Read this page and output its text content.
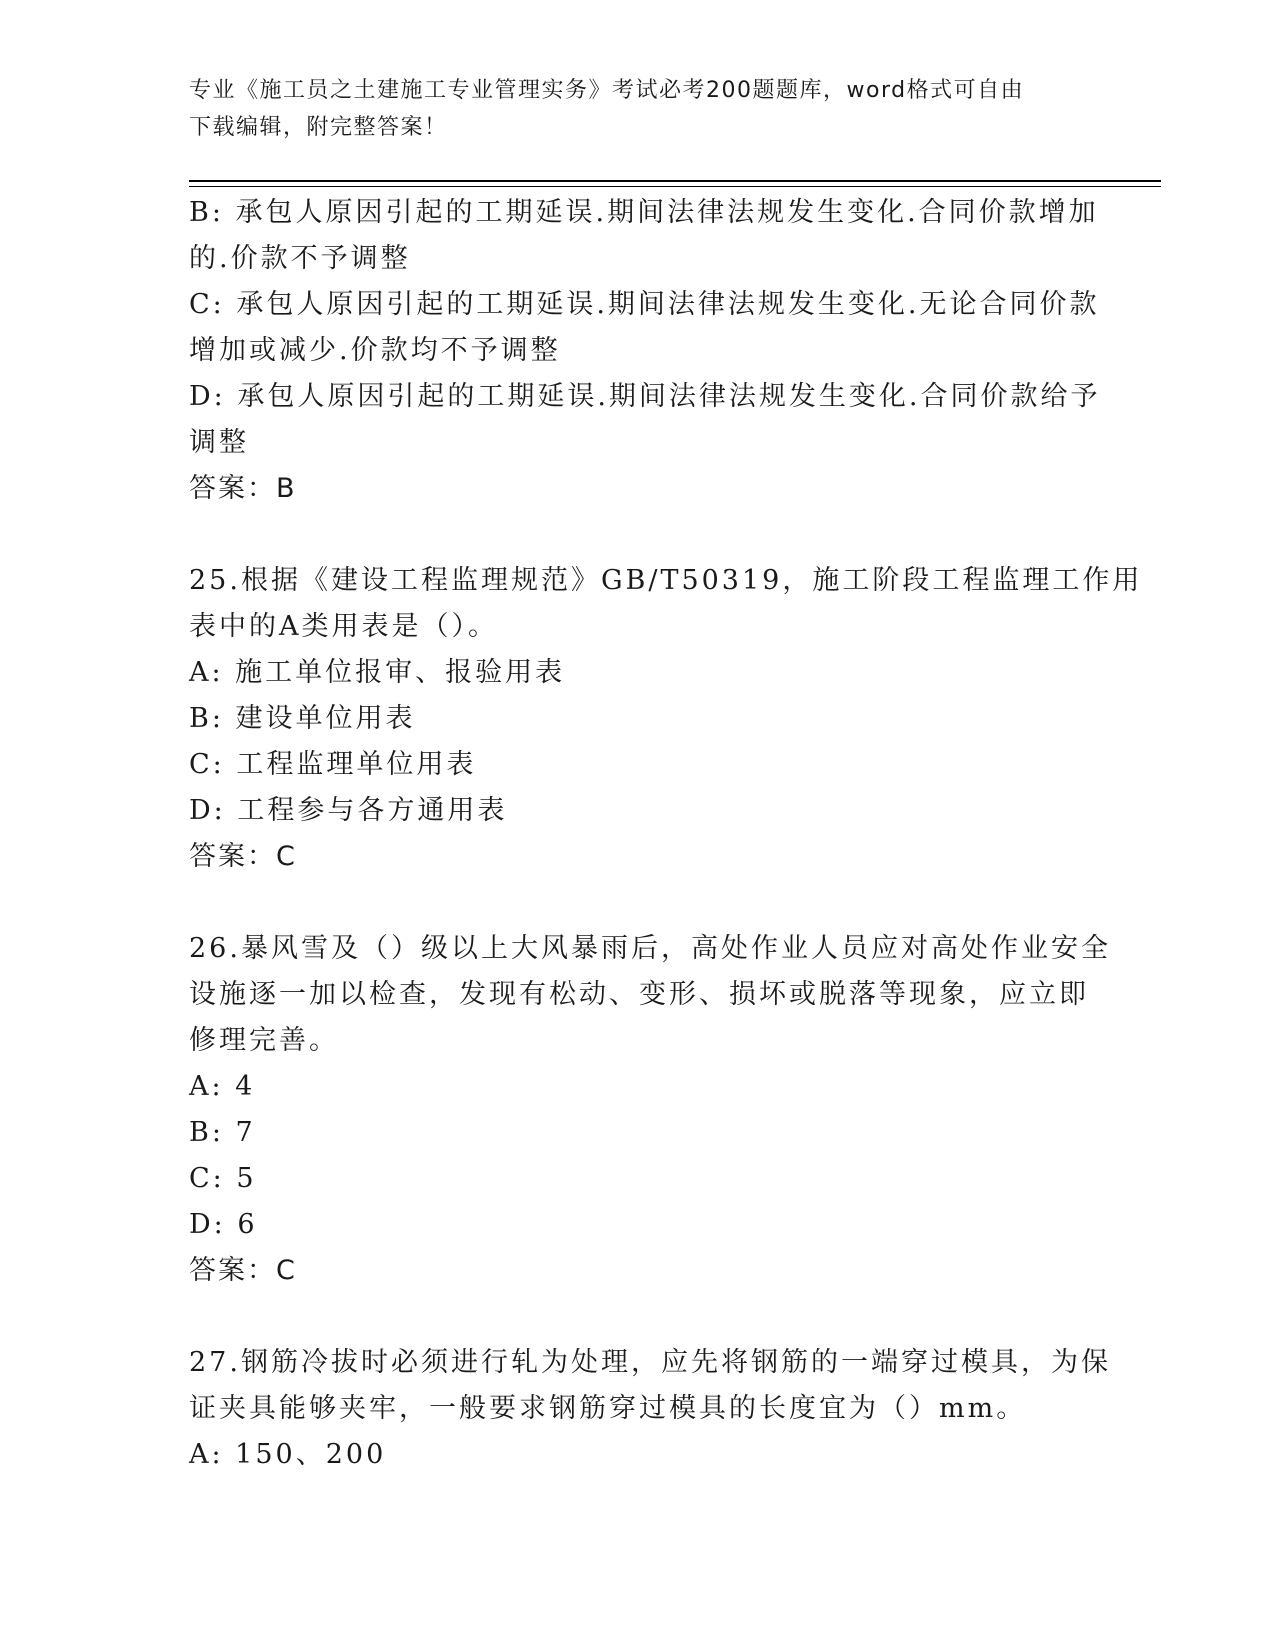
专业《施工员之土建施工专业管理实务》考试必考200题题库，word格式可自由
下载编辑，附完整答案！
B: 承包人原因引起的工期延误.期间法律法规发生变化.合同价款增加
的.价款不予调整
C: 承包人原因引起的工期延误.期间法律法规发生变化.无论合同价款
增加或减少.价款均不予调整
D: 承包人原因引起的工期延误.期间法律法规发生变化.合同价款给予
调整
答案：B
25.根据《建设工程监理规范》GB/T50319，施工阶段工程监理工作用
表中的A类用表是（）。
A: 施工单位报审、报验用表
B: 建设单位用表
C: 工程监理单位用表
D: 工程参与各方通用表
答案：C
26.暴风雪及（）级以上大风暴雨后，高处作业人员应对高处作业安全
设施逐一加以检查，发现有松动、变形、损坏或脱落等现象，应立即
修理完善。
A: 4
B: 7
C: 5
D: 6
答案：C
27.钢筋冷拔时必须进行轧为处理，应先将钢筋的一端穿过模具，为保
证夹具能够夹牢，一般要求钢筋穿过模具的长度宜为（）mm。
A: 150、200
